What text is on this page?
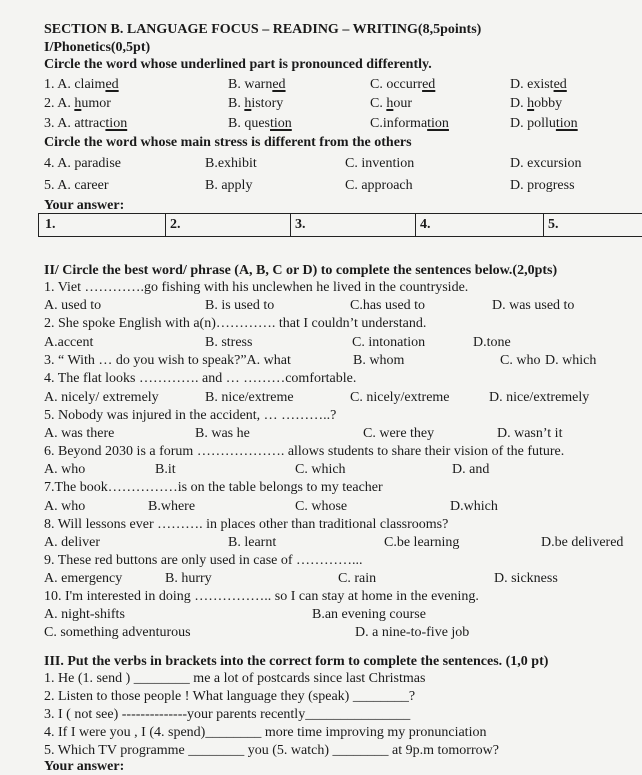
SECTION B. LANGUAGE FOCUS – READING – WRITING(8,5points)
I/Phonetics(0,5pt)
Circle the word whose underlined part is pronounced differently.
1. A. claimed	B. warned	C. occurred	D. existed
2. A. humor	B. history	C. hour	D. hobby
3. A. attraction	B. question	C.information	D. pollution
Circle the word whose main stress is different from the others
4. A. paradise	B.exhibit	C. invention	D. excursion
5. A. career	B. apply	C. approach	D. progress
Your answer:
1.	2.	3.	4.	5.
II/ Circle the best word/ phrase (A, B, C or D) to complete the sentences below.(2,0pts)
1. Viet ………….go fishing with his unclewhen he lived in the countryside.
A. used to	B. is used to	C.has used to	D. was used to
2. She spoke English with a(n)…………. that I couldn’t understand.
A.accent	B. stress	C. intonation	D.tone
3. “ With … do you wish to speak?”A. what	B. whom	C. who D. which
4. The flat looks …………. and … ………comfortable.
A. nicely/ extremely	B. nice/extreme	C. nicely/extreme	D. nice/extremely
5. Nobody was injured in the accident, … ………..?
A. was there	B. was he	C. were they	D. wasn’t it
6. Beyond 2030 is a forum ………………. allows students to share their vision of the future.
A. who	B.it	C. which	D. and
7.The book……………is on the table belongs to my teacher
A. who	B.where	C. whose	D.which
8. Will lessons ever ………. in places other than traditional classrooms?
A. deliver	B. learnt	C.be learning	D.be delivered
9. These red buttons are only used in case of …………...
A. emergency	B. hurry	C. rain	D. sickness
10. I'm interested in doing …………….. so I can stay at home in the evening.
A. night-shifts	B.an evening course
C. something adventurous	D. a nine-to-five job
III. Put the verbs in brackets into the correct form to complete the sentences. (1,0 pt)
1. He (1. send ) ________ me a lot of postcards since last Christmas
2. Listen to those people ! What language they (speak) ________?
3. I ( not see) --------------your parents recently_______________
4. If I were you , I (4. spend)________ more time improving my pronunciation
5. Which TV programme ________ you (5. watch) ________ at 9p.m tomorrow?
Your answer:
